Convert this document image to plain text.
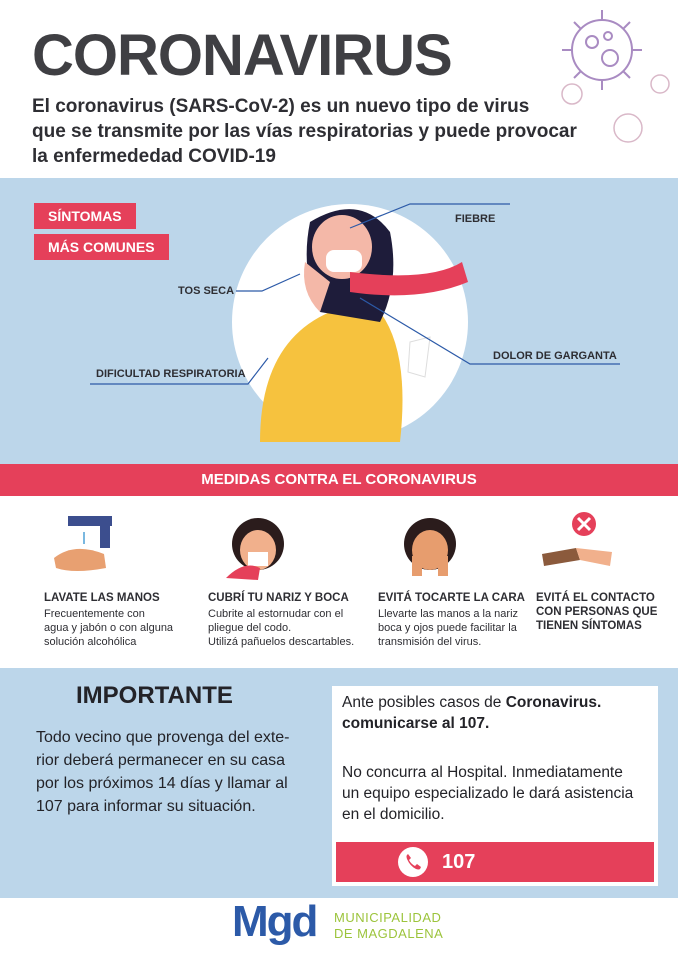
CORONAVIRUS
El coronavirus (SARS-CoV-2) es un nuevo tipo de virus
que se transmite por las vías respiratorias y puede provocar
la enfermededad COVID-19
SÍNTOMAS
MÁS COMUNES
FIEBRE
TOS SECA
DOLOR DE GARGANTA
DIFICULTAD RESPIRATORIA
MEDIDAS CONTRA EL CORONAVIRUS
LAVATE LAS MANOS
Frecuentemente con
agua y jabón o con alguna
solución alcohólica
CUBRÍ TU NARIZ Y BOCA
Cubrite al estornudar con el
pliegue del codo.
Utilizá pañuelos descartables.
EVITÁ TOCARTE LA CARA
Llevarte las manos a la nariz
boca y ojos puede facilitar la
transmisión del virus.
EVITÁ EL CONTACTO
CON PERSONAS QUE
TIENEN SÍNTOMAS
IMPORTANTE
Todo vecino que provenga del exte-
rior deberá permanecer en su casa
por los próximos 14 días y llamar al
107 para informar su situación.
Ante posibles casos de Coronavirus.
comunicarse al 107.
No concurra al Hospital. Inmediatamente
un equipo especializado le dará asistencia
en el domicilio.
107
Mgd MUNICIPALIDAD
DE MAGDALENA
